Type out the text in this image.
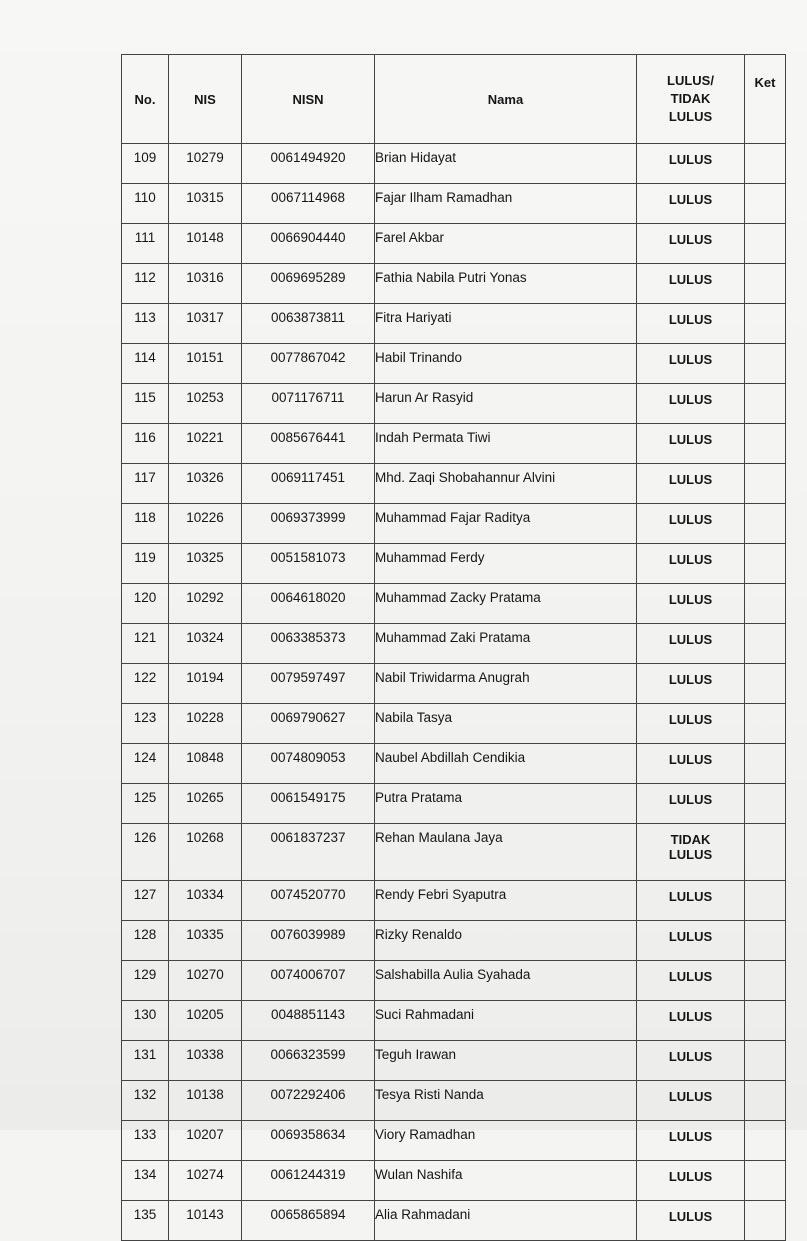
No.	NIS	NISN	Nama	LULUS/
TIDAK
LULUS	Ket
109	10279	0061494920	Brian Hidayat	LULUS	

110	10315	0067114968	Fajar Ilham Ramadhan	LULUS	

111	10148	0066904440	Farel Akbar	LULUS	

112	10316	0069695289	Fathia Nabila Putri Yonas	LULUS	

113	10317	0063873811	Fitra Hariyati	LULUS	

114	10151	0077867042	Habil Trinando	LULUS	

115	10253	0071176711	Harun Ar Rasyid	LULUS	

116	10221	0085676441	Indah Permata Tiwi	LULUS	

117	10326	0069117451	Mhd. Zaqi Shobahannur Alvini	LULUS	

118	10226	0069373999	Muhammad Fajar Raditya	LULUS	

119	10325	0051581073	Muhammad Ferdy	LULUS	

120	10292	0064618020	Muhammad Zacky Pratama	LULUS	

121	10324	0063385373	Muhammad Zaki Pratama	LULUS	

122	10194	0079597497	Nabil Triwidarma Anugrah	LULUS	

123	10228	0069790627	Nabila Tasya	LULUS	

124	10848	0074809053	Naubel Abdillah Cendikia	LULUS	

125	10265	0061549175	Putra Pratama	LULUS	

126	10268	0061837237	Rehan Maulana Jaya	TIDAK
LULUS	

127	10334	0074520770	Rendy Febri Syaputra	LULUS	

128	10335	0076039989	Rizky Renaldo	LULUS	

129	10270	0074006707	Salshabilla Aulia Syahada	LULUS	

130	10205	0048851143	Suci Rahmadani	LULUS	

131	10338	0066323599	Teguh Irawan	LULUS	

132	10138	0072292406	Tesya Risti Nanda	LULUS	

133	10207	0069358634	Viory Ramadhan	LULUS	

134	10274	0061244319	Wulan Nashifa	LULUS	

135	10143	0065865894	Alia Rahmadani	LULUS	
